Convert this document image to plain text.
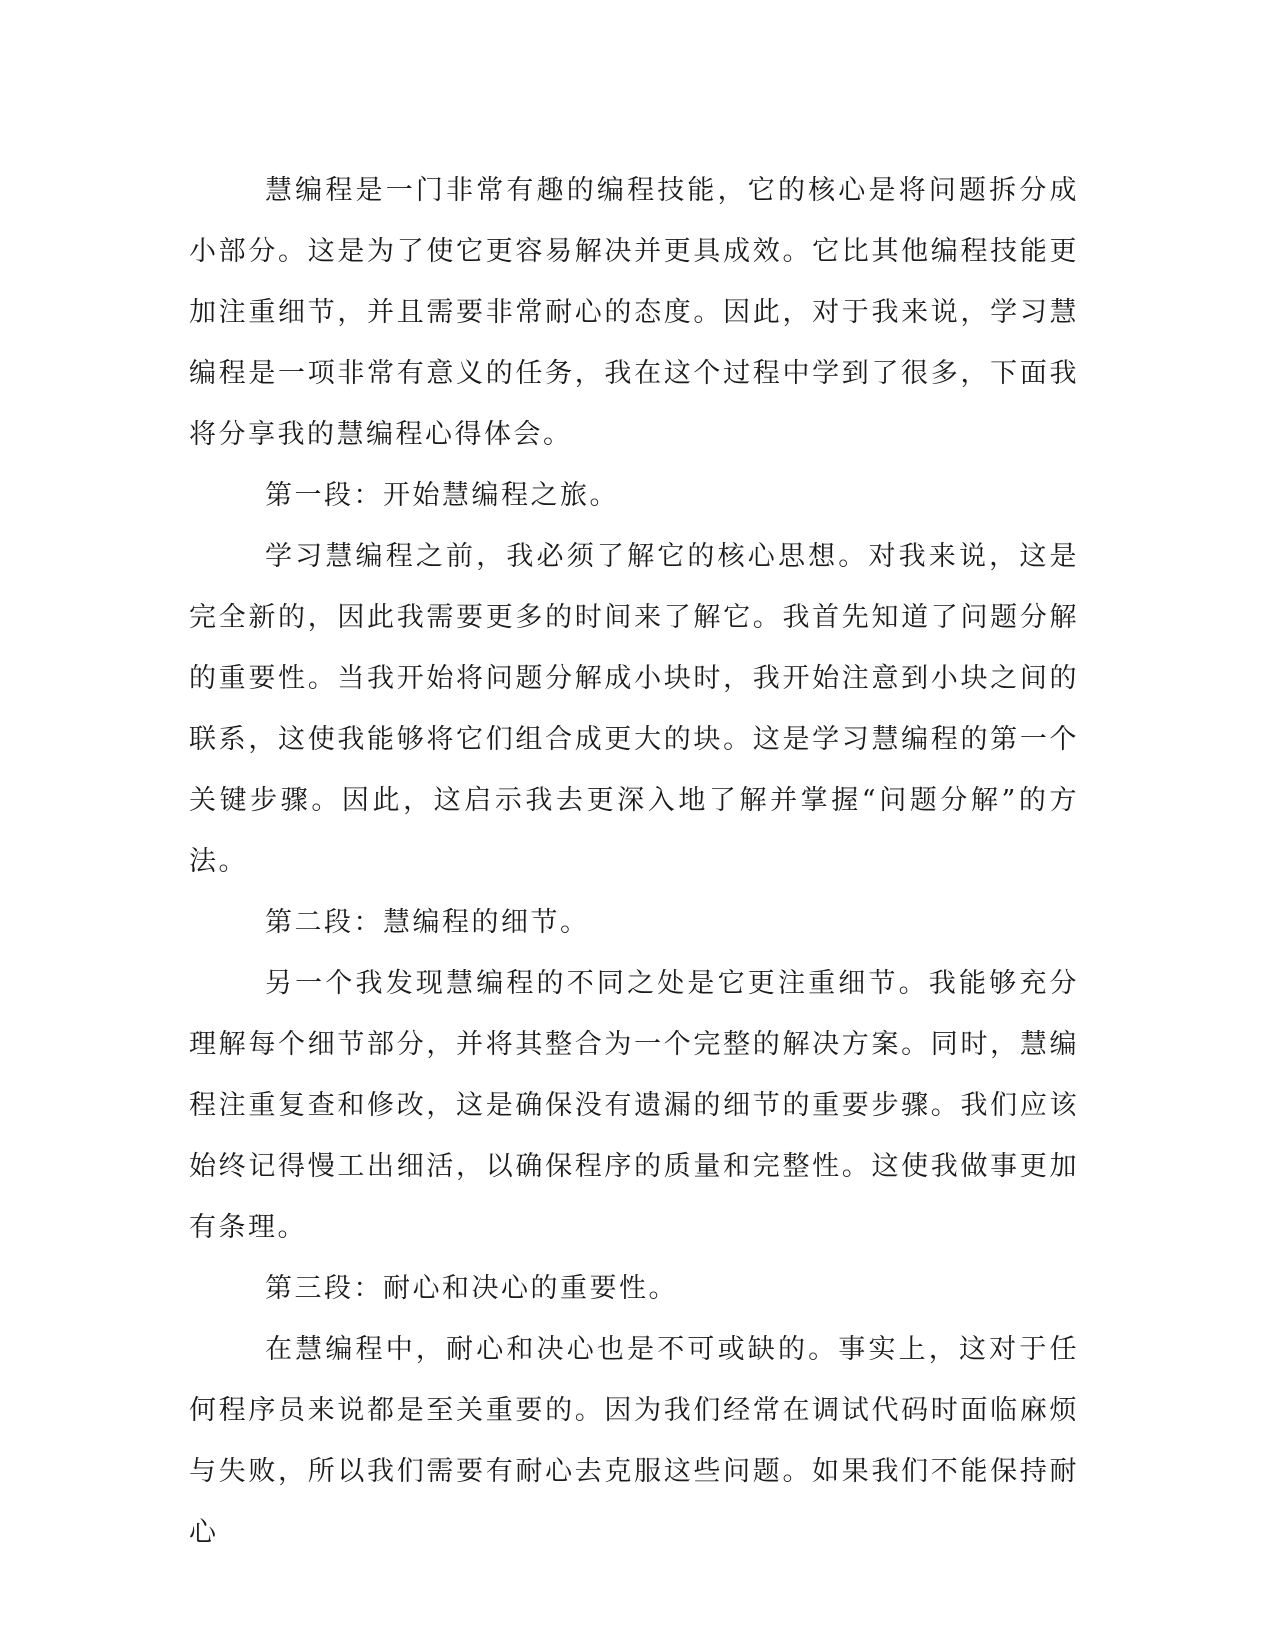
慧编程是一门非常有趣的编程技能，它的核心是将问题拆分成小部分。这是为了使它更容易解决并更具成效。它比其他编程技能更加注重细节，并且需要非常耐心的态度。因此，对于我来说，学习慧编程是一项非常有意义的任务，我在这个过程中学到了很多，下面我将分享我的慧编程心得体会。

第一段：开始慧编程之旅。

学习慧编程之前，我必须了解它的核心思想。对我来说，这是完全新的，因此我需要更多的时间来了解它。我首先知道了问题分解的重要性。当我开始将问题分解成小块时，我开始注意到小块之间的联系，这使我能够将它们组合成更大的块。这是学习慧编程的第一个关键步骤。因此，这启示我去更深入地了解并掌握“问题分解”的方法。

第二段：慧编程的细节。

另一个我发现慧编程的不同之处是它更注重细节。我能够充分理解每个细节部分，并将其整合为一个完整的解决方案。同时，慧编程注重复查和修改，这是确保没有遗漏的细节的重要步骤。我们应该始终记得慢工出细活，以确保程序的质量和完整性。这使我做事更加有条理。

第三段：耐心和决心的重要性。

在慧编程中，耐心和决心也是不可或缺的。事实上，这对于任何程序员来说都是至关重要的。因为我们经常在调试代码时面临麻烦与失败，所以我们需要有耐心去克服这些问题。如果我们不能保持耐心
